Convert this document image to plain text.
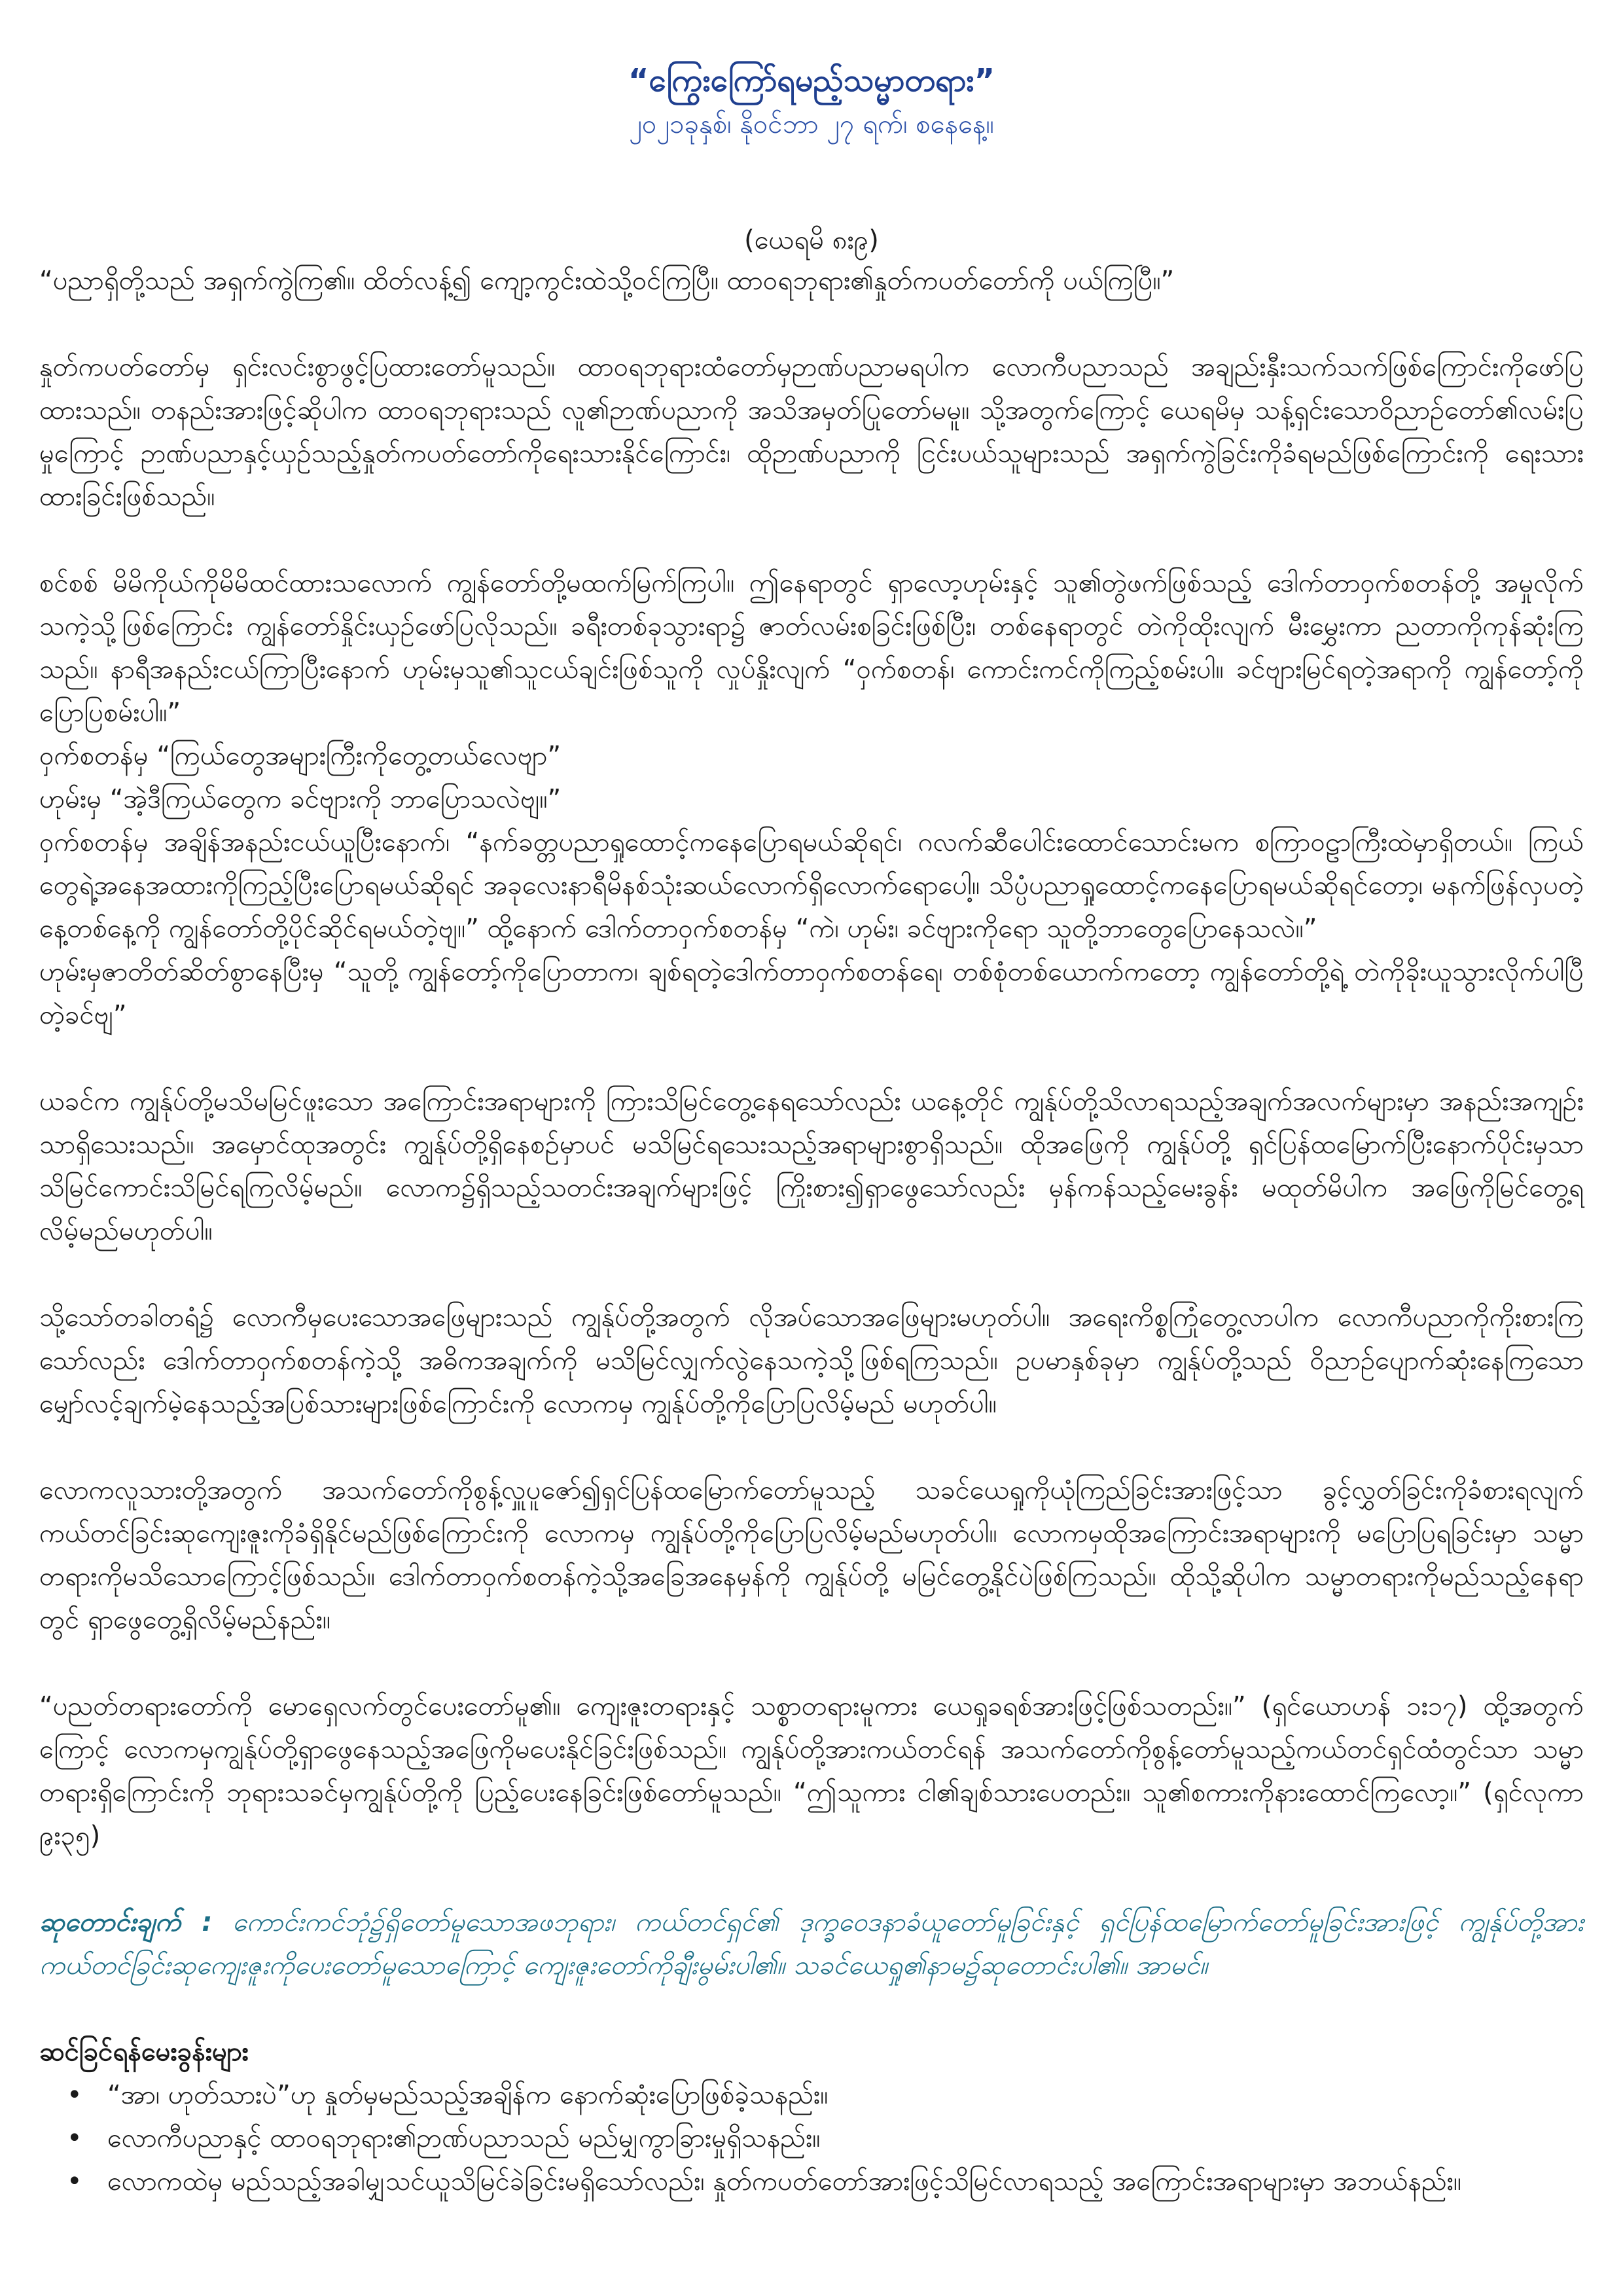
“ကြွေးကြော်ရမည့်သမ္မာတရား”
၂၀၂၁ခုနှစ်၊ နိုဝင်ဘာ ၂၇ ရက်၊ စနေနေ့။
(ယေရမိ ၈း၉)

“ပညာရှိတို့သည် အရှက်ကွဲကြ၏။ ထိတ်လန့်၍ ကျော့ကွင်းထဲသို့ဝင်ကြပြီ။ ထာဝရဘုရား၏နှုတ်ကပတ်တော်ကို ပယ်ကြပြီ။”

နှုတ်ကပတ်တော်မှ ရှင်းလင်းစွာဖွင့်ပြထားတော်မူသည်။ ထာဝရဘုရားထံတော်မှဉာဏ်ပညာမရပါက လောကီပညာသည် အချည်းနှီးသက်သက်ဖြစ်ကြောင်းကိုဖော်ပြထားသည်။ တနည်းအားဖြင့်ဆိုပါက ထာဝရဘုရားသည် လူ၏ဉာဏ်ပညာကို အသိအမှတ်ပြုတော်မမူ။ သို့အတွက်ကြောင့် ယေရမိမှ သန့်ရှင်းသောဝိညာဉ်တော်၏လမ်းပြမှုကြောင့် ဉာဏ်ပညာနှင့်ယှဉ်သည့်နှုတ်ကပတ်တော်ကိုရေးသားနိုင်ကြောင်း၊ ထိုဉာဏ်ပညာကို ငြင်းပယ်သူများသည် အရှက်ကွဲခြင်းကိုခံရမည်ဖြစ်ကြောင်းကို ရေးသားထားခြင်းဖြစ်သည်။

စင်စစ် မိမိကိုယ်ကိုမိမိထင်ထားသလောက် ကျွန်တော်တို့မထက်မြက်ကြပါ။ ဤနေရာတွင် ရှာလော့ဟုမ်းနှင့် သူ၏တွဲဖက်ဖြစ်သည့် ဒေါက်တာဝှက်စတန်တို့ အမှုလိုက်သကဲ့သို့ဖြစ်ကြောင်း ကျွန်တော်နှိုင်းယှဉ်ဖော်ပြလိုသည်။ ခရီးတစ်ခုသွားရာ၌ ဇာတ်လမ်းစခြင်းဖြစ်ပြီး၊ တစ်နေရာတွင် တဲကိုထိုးလျက် မီးမွှေးကာ ညတာကိုကုန်ဆုံးကြသည်။ နာရီအနည်းငယ်ကြာပြီးနောက် ဟုမ်းမှသူ၏သူငယ်ချင်းဖြစ်သူကို လှုပ်နှိုးလျက် “ဝှက်စတန်၊ ကောင်းကင်ကိုကြည့်စမ်းပါ။ ခင်ဗျားမြင်ရတဲ့အရာကို ကျွန်တော့်ကိုပြောပြစမ်းပါ။”

ဝှက်စတန်မှ “ကြယ်တွေအများကြီးကိုတွေ့တယ်လေဗျာ”

ဟုမ်းမှ “အဲ့ဒီကြယ်တွေက ခင်ဗျားကို ဘာပြောသလဲဗျ။”

ဝှက်စတန်မှ အချိန်အနည်းငယ်ယူပြီးနောက်၊ “နက်ခတ္တပညာရှုထောင့်ကနေပြောရမယ်ဆိုရင်၊ ဂလက်ဆီပေါင်းထောင်သောင်းမက စကြာဝဠာကြီးထဲမှာရှိတယ်။ ကြယ်တွေရဲ့အနေအထားကိုကြည့်ပြီးပြောရမယ်ဆိုရင် အခုလေးနာရီမိနစ်သုံးဆယ်လောက်ရှိလောက်ရောပေါ့။ သိပ္ပံပညာရှုထောင့်ကနေပြောရမယ်ဆိုရင်တော့၊ မနက်ဖြန်လှပတဲ့နေ့တစ်နေ့ကို ကျွန်တော်တို့ပိုင်ဆိုင်ရမယ်တဲ့ဗျ။” ထို့နောက် ဒေါက်တာဝှက်စတန်မှ “ကဲ၊ ဟုမ်း၊ ခင်ဗျားကိုရော သူတို့ဘာတွေပြောနေသလဲ။”

ဟုမ်းမှဇာတိတ်ဆိတ်စွာနေပြီးမှ “သူတို့ ကျွန်တော့်ကိုပြောတာက၊ ချစ်ရတဲ့ဒေါက်တာဝှက်စတန်ရေ၊ တစ်စုံတစ်ယောက်ကတော့ ကျွန်တော်တို့ရဲ့ တဲကိုခိုးယူသွားလိုက်ပါပြီတဲ့ခင်ဗျ”

ယခင်က ကျွန်ုပ်တို့မသိမမြင်ဖူးသော အကြောင်းအရာများကို ကြားသိမြင်တွေ့နေရသော်လည်း ယနေ့တိုင် ကျွန်ုပ်တို့သိလာရသည့်အချက်အလက်များမှာ အနည်းအကျဉ်းသာရှိသေးသည်။ အမှောင်ထုအတွင်း ကျွန်ုပ်တို့ရှိနေစဉ်မှာပင် မသိမြင်ရသေးသည့်အရာများစွာရှိသည်။ ထိုအဖြေကို ကျွန်ုပ်တို့ ရှင်ပြန်ထမြောက်ပြီးနောက်ပိုင်းမှသာ သိမြင်ကောင်းသိမြင်ရကြလိမ့်မည်။ လောက၌ရှိသည့်သတင်းအချက်များဖြင့် ကြိုးစား၍ရှာဖွေသော်လည်း မှန်ကန်သည့်မေးခွန်း မထုတ်မိပါက အဖြေကိုမြင်တွေ့ရလိမ့်မည်မဟုတ်ပါ။

သို့သော်တခါတရံ၌ လောကီမှပေးသောအဖြေများသည် ကျွန်ုပ်တို့အတွက် လိုအပ်သောအဖြေများမဟုတ်ပါ။ အရေးကိစ္စကြုံတွေ့လာပါက လောကီပညာကိုကိုးစားကြသော်လည်း ဒေါက်တာဝှက်စတန်ကဲ့သို့ အဓိကအချက်ကို မသိမြင်လျှက်လွဲနေသကဲ့သို့ဖြစ်ရကြသည်။ ဥပမာနှစ်ခုမှာ ကျွန်ုပ်တို့သည် ဝိညာဉ်ပျောက်ဆုံးနေကြသော မျှော်လင့်ချက်မဲ့နေသည့်အပြစ်သားများဖြစ်ကြောင်းကို လောကမှ ကျွန်ုပ်တို့ကိုပြောပြလိမ့်မည် မဟုတ်ပါ။

လောကလူသားတို့အတွက် အသက်တော်ကိုစွန့်လှူပူဇော်၍ရှင်ပြန်ထမြောက်တော်မူသည့် သခင်ယေရှုကိုယုံကြည်ခြင်းအားဖြင့်သာ ခွင့်လွှတ်ခြင်းကိုခံစားရလျက် ကယ်တင်ခြင်းဆုကျေးဇူးကိုခံရှိနိုင်မည်ဖြစ်ကြောင်းကို လောကမှ ကျွန်ုပ်တို့ကိုပြောပြလိမ့်မည်မဟုတ်ပါ။ လောကမှထိုအကြောင်းအရာများကို မပြောပြရခြင်းမှာ သမ္မာတရားကိုမသိသောကြောင့်ဖြစ်သည်။ ဒေါက်တာဝှက်စတန်ကဲ့သို့အခြေအနေမှန်ကို ကျွန်ုပ်တို့ မမြင်တွေ့နိုင်ပဲဖြစ်ကြသည်။ ထိုသို့ဆိုပါက သမ္မာတရားကိုမည်သည့်နေရာတွင် ရှာဖွေတွေ့ရှိလိမ့်မည်နည်း။

“ပညတ်တရားတော်ကို မောရှေလက်တွင်ပေးတော်မူ၏။ ကျေးဇူးတရားနှင့် သစ္စာတရားမူကား ယေရှုခရစ်အားဖြင့်ဖြစ်သတည်း။” (ရှင်ယောဟန် ၁း၁၇) ထို့အတွက်ကြောင့် လောကမှကျွန်ုပ်တို့ရှာဖွေနေသည့်အဖြေကိုမပေးနိုင်ခြင်းဖြစ်သည်။ ကျွန်ုပ်တို့အားကယ်တင်ရန် အသက်တော်ကိုစွန့်တော်မူသည့်ကယ်တင်ရှင်ထံတွင်သာ သမ္မာတရားရှိကြောင်းကို ဘုရားသခင်မှကျွန်ုပ်တို့ကို ပြည့်ပေးနေခြင်းဖြစ်တော်မူသည်။ “ဤသူကား ငါ၏ချစ်သားပေတည်း။ သူ၏စကားကိုနားထောင်ကြလော့။” (ရှင်လုကာ ၉း၃၅)

ဆုတောင်းချက် : ကောင်းကင်ဘုံ၌ရှိတော်မူသောအဖဘုရား၊ ကယ်တင်ရှင်၏ ဒုက္ခဝေဒနာခံယူတော်မူခြင်းနှင့် ရှင်ပြန်ထမြောက်တော်မူခြင်းအားဖြင့် ကျွန်ုပ်တို့အားကယ်တင်ခြင်းဆုကျေးဇူးကိုပေးတော်မူသောကြောင့် ကျေးဇူးတော်ကိုချီးမွမ်းပါ၏။ သခင်ယေရှု၏နာမ၌ဆုတောင်းပါ၏။ အာမင်။

ဆင်ခြင်ရန်မေးခွန်းများ
• “အာ၊ ဟုတ်သားပဲ”ဟု နှုတ်မှမည်သည့်အချိန်က နောက်ဆုံးပြောဖြစ်ခဲ့သနည်း။
• လောကီပညာနှင့် ထာဝရဘုရား၏ဉာဏ်ပညာသည် မည်မျှကွာခြားမှုရှိသနည်း။
• လောကထဲမှ မည်သည့်အခါမျှသင်ယူသိမြင်ခဲခြင်းမရှိသော်လည်း၊ နှုတ်ကပတ်တော်အားဖြင့်သိမြင်လာရသည့် အကြောင်းအရာများမှာ အဘယ်နည်း။
